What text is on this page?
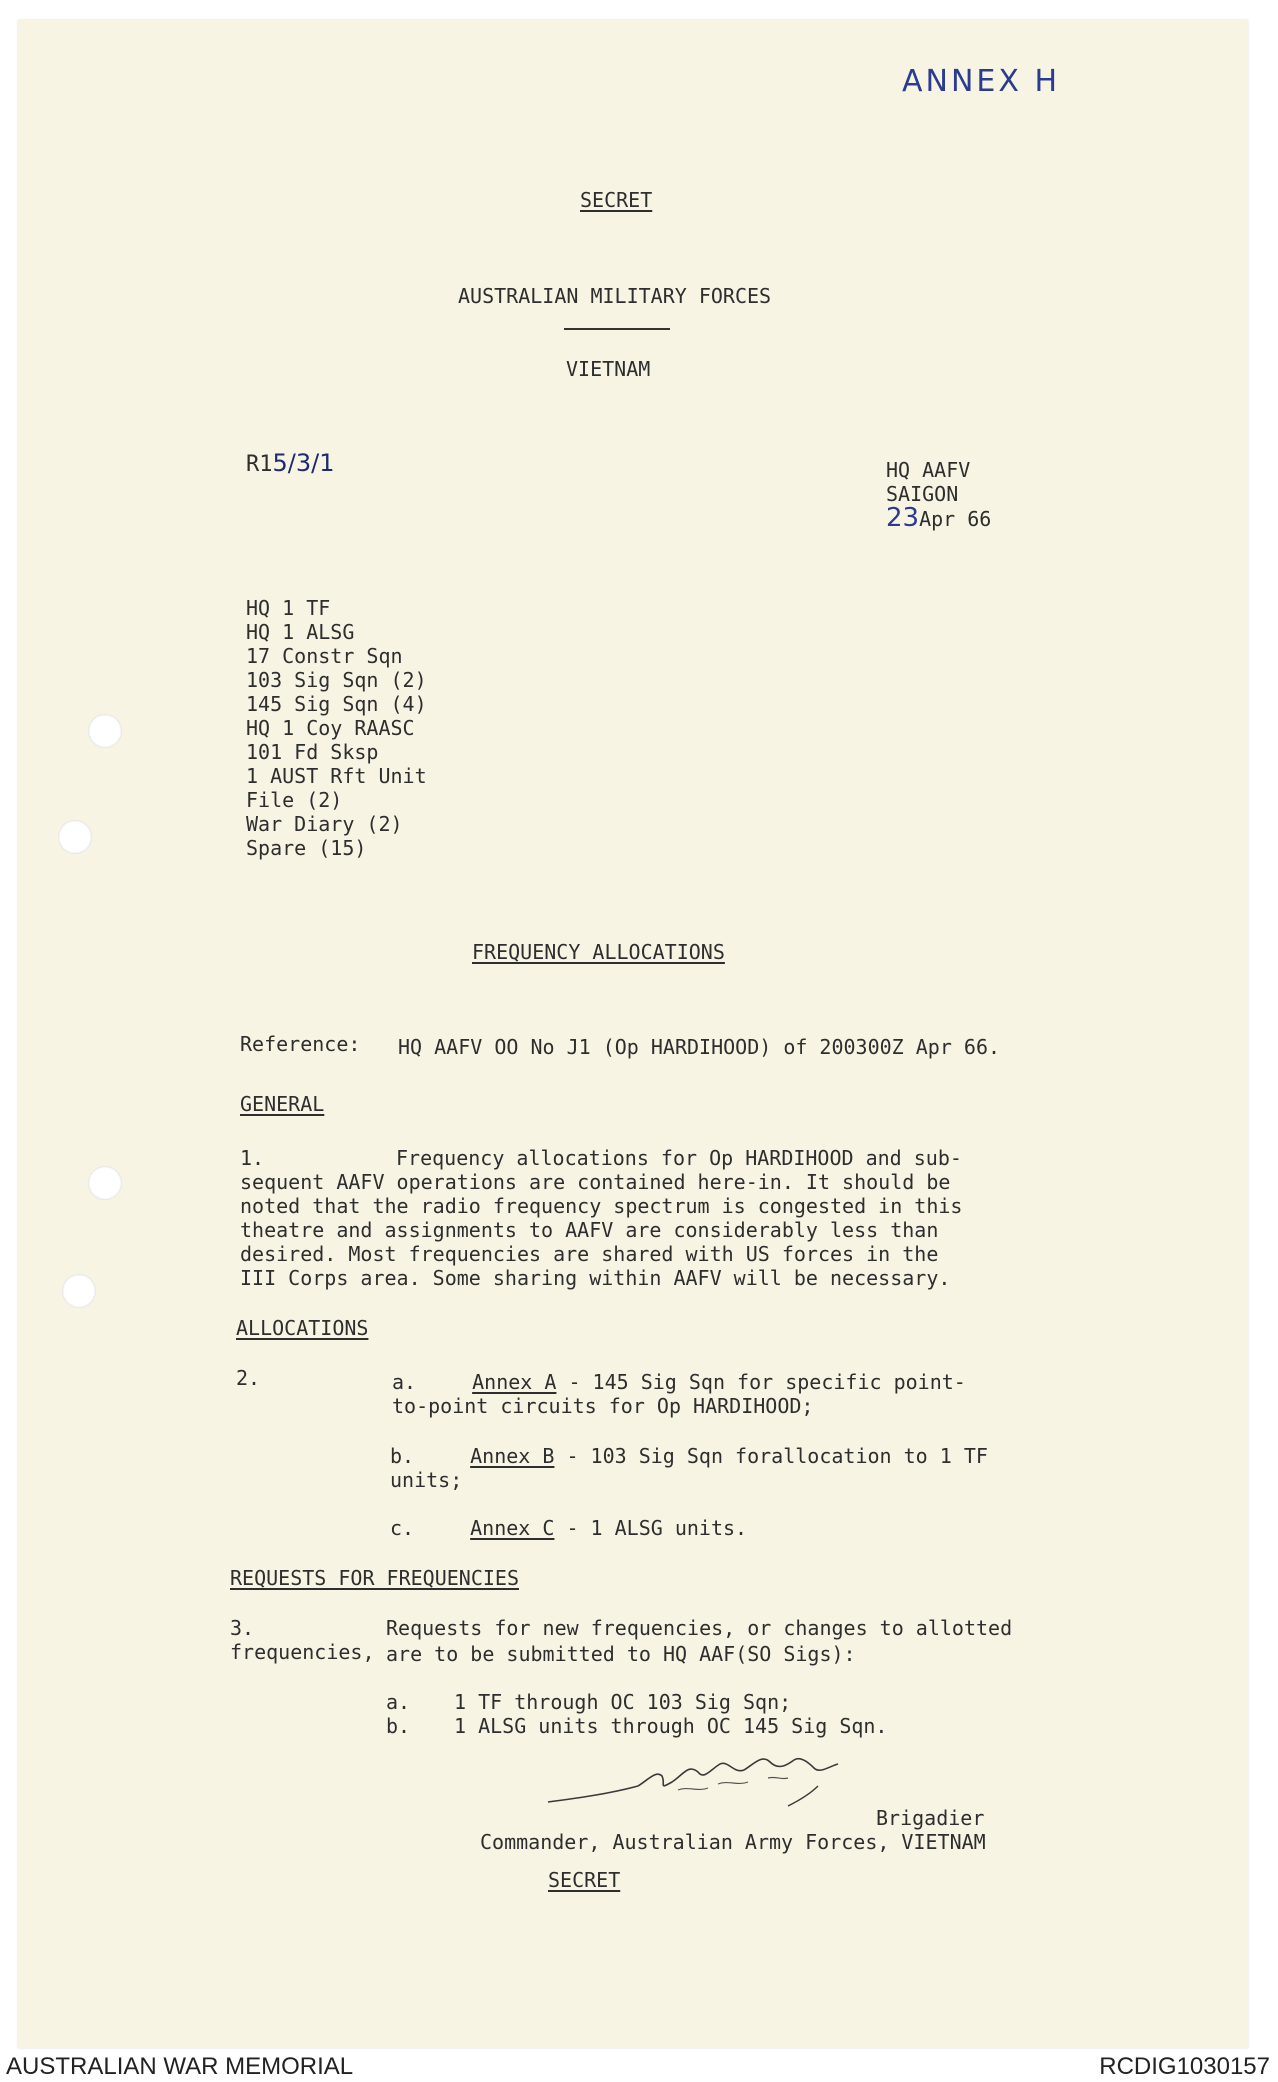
ANNEX H
SECRET
AUSTRALIAN MILITARY FORCES
VIETNAM
R15/3/1	HQ AAFV
SAIGON
23Apr 66
HQ 1 TF
HQ 1 ALSG
17 Constr Sqn
103 Sig Sqn (2)
145 Sig Sqn (4)
HQ 1 Coy RAASC
101 Fd Sksp
1 AUST Rft Unit
File (2)
War Diary (2)
Spare (15)
FREQUENCY ALLOCATIONS
Reference: HQ AAFV OO No J1 (Op HARDIHOOD) of 200300Z Apr 66.
GENERAL
1.	Frequency allocations for Op HARDIHOOD and sub-
sequent AAFV operations are contained here-in. It should be
noted that the radio frequency spectrum is congested in this
theatre and assignments to AAFV are considerably less than
desired. Most frequencies are shared with US forces in the
III Corps area. Some sharing within AAFV will be necessary.
ALLOCATIONS
2.	a.	Annex A - 145 Sig Sqn for specific point-
to-point circuits for Op HARDIHOOD;
b.	Annex B - 103 Sig Sqn forallocation to 1 TF
units;
c.	Annex C - 1 ALSG units.
REQUESTS FOR FREQUENCIES
3.	Requests for new frequencies, or changes to allotted
frequencies, are to be submitted to HQ AAF(SO Sigs):
a. 1 TF through OC 103 Sig Sqn;
b. 1 ALSG units through OC 145 Sig Sqn.
Brigadier
Commander, Australian Army Forces, VIETNAM
SECRET
AUSTRALIAN WAR MEMORIAL	RCDIG1030157
